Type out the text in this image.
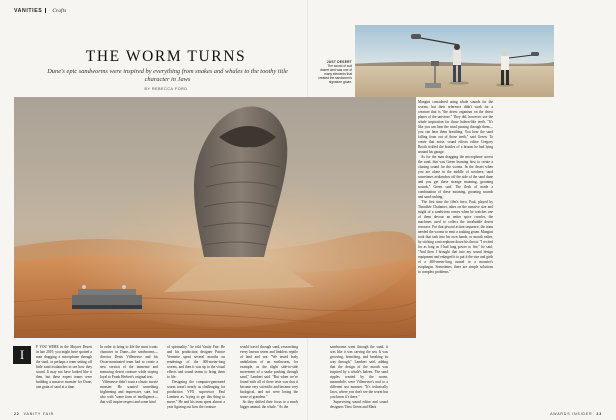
VANITIES Crafts
THE WORM TURNS
Dune's epic sandworms were inspired by everything from snakes and whales to the toothy title character in Jaws
BY REBECCA FORD
JUST DESERT
The sound of sud dosert wed was one of many elements that created the sandworm's signature groan.
I	F YOU WERE in the Mojave Desert in late 2019, you might have spotted a man dragging a microphone through the sand, or perhaps a team setting off little sand avalanches to see how they sound. It may not have looked like it then, but these expert teams were building a massive monster for Dune, one grain of sand at a time.
In order to bring to life the most iconic character in Dune—the sandworms—director Denis Villeneuve and his Oscar-nominated team had to create a new version of the immense and menacing desert creature while staying loyal to Frank Herbert's original text.
Villeneuve didn't want a classic movie monster. He wanted something frightening and impressive, sure, but also with "some form of intelligence—that will inspire respect and some kind
of spirituality," he told Vanity Fair. He and his production designer Patrice Vermette spent several months on renderings of the 400-meter-long worms, and then it was up to the visual effects and sound teams to bring them to life.
Designing the computer-generated worm wasn't nearly as challenging for production VFX supervisor Paul Lambert as "trying to get this thing to move." He and his team spent almost a year figuring out how the creature
would travel through sand, researching every known worm and limbless reptile of land and sea. "We tested body undulations of an earthworm, for example, as the slight side-to-side movement of a snake pushing through sand," Lambert said. "But when we've found with all of these tests was that it became very scientific and became very biological, and not were losing the sense of grandeur."
So they shifted their focus to a much bigger animal: the whale. "As the
sandworms went through the sand, it was like it was carving the sea. It was grooving, breaching, and breaking its way through," Lambert said, adding that the design of the mouth was inspired by a whale's baleen. The sand ripples created by the worm, meanwhile, were Villeneuve's nod to a different sea monster. "It's technically Jaws, where you don't see the worm but you know it's there."
Supervising sound editor and sound designers Theo Green and Mark
Mangini considered using whale sounds for the worms, but their reference didn't work for a creature that is "the driest organism on the driest planet of the universe." They did, however, use the whale inspiration for those baleen-like teeth. "It's like you can hear the wind passing through them—you can hear them breathing. You hear the sand falling from out of those teeth," said Green. To create that noise, sound effects editor Gregory Booth tickled the bristles of a broom he had lying around his garage.
As for the man dragging the microphone across the sand, that was Green learning how to create a chasing sound for the worms. In the desert when you are alone in the middle of nowhere, sand sometimes avalanches off the side of the sand dune and you get these strange moaning, groaning sounds," Green said. The flesh of made a combination of these moaning, groaning sounds and sand rushing.
The first time the film's hero, Paul, played by Timothée Chalamet, takes on the massive size and might of a sandworm comes when he watches one of them devour an entire spice crawler, the machines used to collect the invaluable desert resource. For that pivotal action sequence, the team needed the worms to emit a soaking groan. Mangini took that task into his own hands, or mouth rather, by sticking a microphone down his throat. "I recited for as long as I had lung power to fire," he said. "And then I brought that into my sound design equipment and enlarged it to put it the size and girth of a 400-meter-long tunnel to a monster's esophagus. Sometimes, there are simple solutions to complex problems."
22 VANITY FAIR	AWARDS INSIDER 23
